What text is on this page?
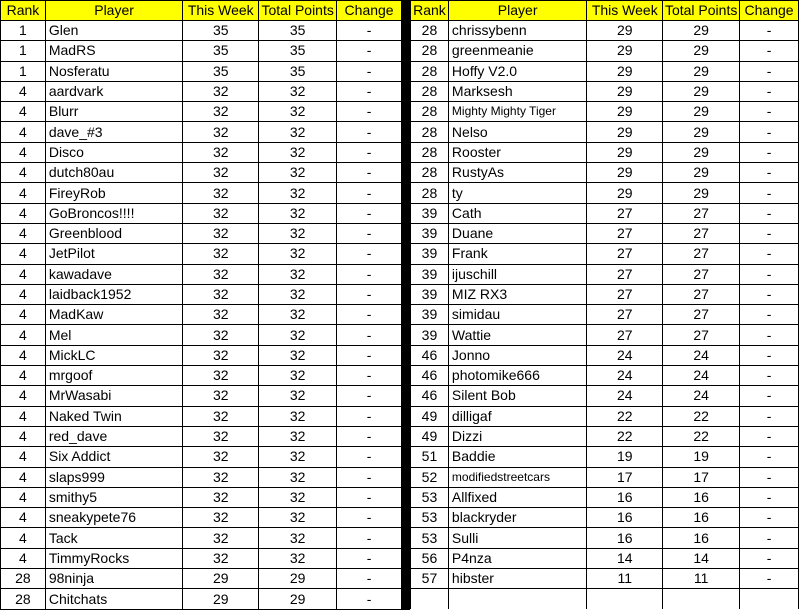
Rank	Player	This Week	Total Points	Change
1	Glen	35	35	-
1	MadRS	35	35	-
1	Nosferatu	35	35	-
4	aardvark	32	32	-
4	Blurr	32	32	-
4	dave_#3	32	32	-
4	Disco	32	32	-
4	dutch80au	32	32	-
4	FireyRob	32	32	-
4	GoBroncos!!!!	32	32	-
4	Greenblood	32	32	-
4	JetPilot	32	32	-
4	kawadave	32	32	-
4	laidback1952	32	32	-
4	MadKaw	32	32	-
4	Mel	32	32	-
4	MickLC	32	32	-
4	mrgoof	32	32	-
4	MrWasabi	32	32	-
4	Naked Twin	32	32	-
4	red_dave	32	32	-
4	Six Addict	32	32	-
4	slaps999	32	32	-
4	smithy5	32	32	-
4	sneakypete76	32	32	-
4	Tack	32	32	-
4	TimmyRocks	32	32	-
28	98ninja	29	29	-
28	Chitchats	29	29	-
Rank	Player	This Week	Total Points	Change
28	chrissybenn	29	29	-
28	greenmeanie	29	29	-
28	Hoffy V2.0	29	29	-
28	Marksesh	29	29	-
28	Mighty Mighty Tiger	29	29	-
28	Nelso	29	29	-
28	Rooster	29	29	-
28	RustyAs	29	29	-
28	ty	29	29	-
39	Cath	27	27	-
39	Duane	27	27	-
39	Frank	27	27	-
39	ijuschill	27	27	-
39	MIZ RX3	27	27	-
39	simidau	27	27	-
39	Wattie	27	27	-
46	Jonno	24	24	-
46	photomike666	24	24	-
46	Silent Bob	24	24	-
49	dilligaf	22	22	-
49	Dizzi	22	22	-
51	Baddie	19	19	-
52	modifiedstreetcars	17	17	-
53	Allfixed	16	16	-
53	blackryder	16	16	-
53	Sulli	16	16	-
56	P4nza	14	14	-
57	hibster	11	11	-
